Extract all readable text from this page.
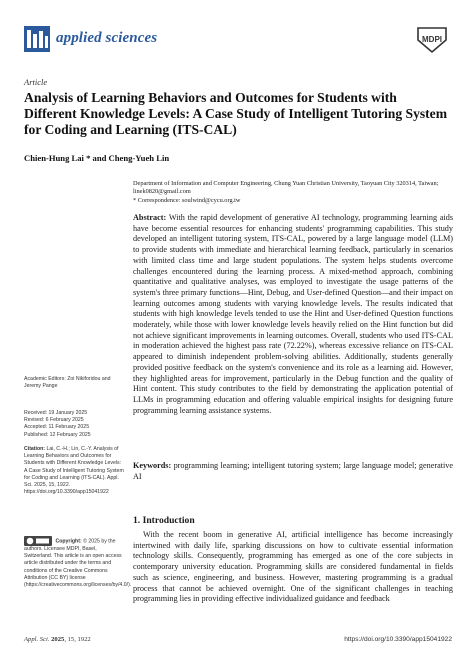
applied sciences	MDPI
Article
Analysis of Learning Behaviors and Outcomes for Students with Different Knowledge Levels: A Case Study of Intelligent Tutoring System for Coding and Learning (ITS-CAL)
Chien-Hung Lai * and Cheng-Yueh Lin
Department of Information and Computer Engineering, Chung Yuan Christian University, Taoyuan City 320314, Taiwan; linek0820@gmail.com
* Correspondence: soulwind@cycu.org.tw
Abstract: With the rapid development of generative AI technology, programming learning aids have become essential resources for enhancing students' programming capabilities. This study developed an intelligent tutoring system, ITS-CAL, powered by a large language model (LLM) to provide students with immediate and hierarchical learning feedback, particularly in scenarios with limited class time and large student populations. The system helps students overcome challenges encountered during the learning process. A mixed-method approach, combining quantitative and qualitative analyses, was employed to investigate the usage patterns of the system's three primary functions—Hint, Debug, and User-defined Question—and their impact on learning outcomes among students with varying knowledge levels. The results indicated that students with high knowledge levels tended to use the Hint and User-defined Question functions moderately, while those with lower knowledge levels heavily relied on the Hint function but did not achieve significant improvements in learning outcomes. Overall, students who used ITS-CAL in moderation achieved the highest pass rate (72.22%), whereas excessive reliance on ITS-CAL appeared to diminish independent problem-solving abilities. Additionally, students generally provided positive feedback on the system's convenience and its role as a learning aid. However, they highlighted areas for improvement, particularly in the Debug function and the quality of Hint content. This study contributes to the field by demonstrating the application potential of LLMs in programming education and offering valuable empirical insights for designing future programming learning assistance systems.
Keywords: programming learning; intelligent tutoring system; large language model; generative AI
1. Introduction

With the recent boom in generative AI, artificial intelligence has become increasingly intertwined with daily life, sparking discussions on how to cultivate essential information technology skills. Consequently, programming has emerged as one of the core subjects in contemporary university education. Programming skills are considered fundamental in fields such as science, engineering, and business. However, mastering programming is a gradual process that cannot be achieved overnight. One of the significant challenges in teaching programming lies in providing effective individualized guidance and feedback

Academic Editors: Zoi Nikiforidou and Jeremy Pange
Received: 19 January 2025
Revised: 6 February 2025
Accepted: 11 February 2025
Published: 12 February 2025
Citation: Lai, C.-H.; Lin, C.-Y. Analysis of Learning Behaviors and Outcomes for Students with Different Knowledge Levels: A Case Study of Intelligent Tutoring System for Coding and Learning (ITS-CAL). Appl. Sci. 2025, 15, 1922. https://doi.org/10.3390/app15041922
Copyright: © 2025 by the authors. Licensee MDPI, Basel, Switzerland. This article is an open access article distributed under the terms and conditions of the Creative Commons Attribution (CC BY) license (https://creativecommons.org/licenses/by/4.0/).
Appl. Sci. 2025, 15, 1922	https://doi.org/10.3390/app15041922
